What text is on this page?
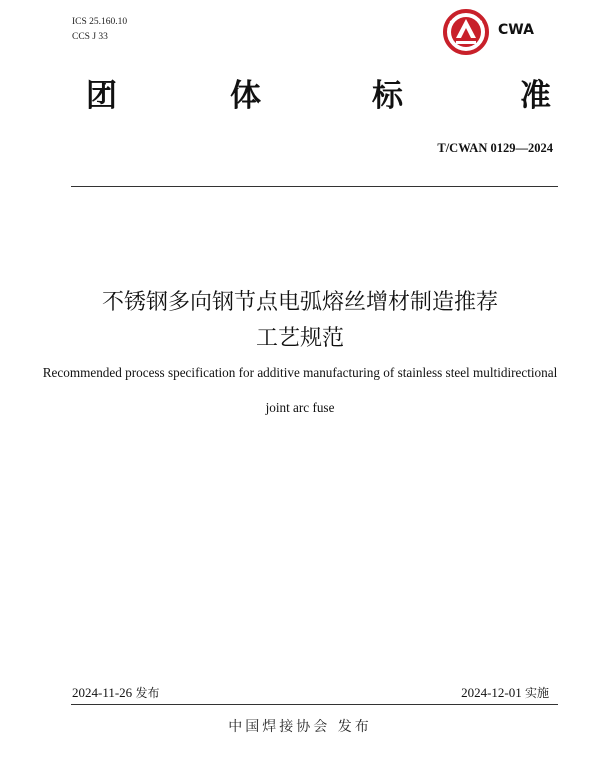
ICS 25.160.10
CCS J 33	CWA
团	体	标	准
T/CWAN 0129—2024
不锈钢多向钢节点电弧熔丝增材制造推荐
工艺规范
Recommended process specification for additive manufacturing of stainless steel multidirectional
joint arc fuse
2024-11-26 发布	2024-12-01 实施
中国焊接协会 发布
